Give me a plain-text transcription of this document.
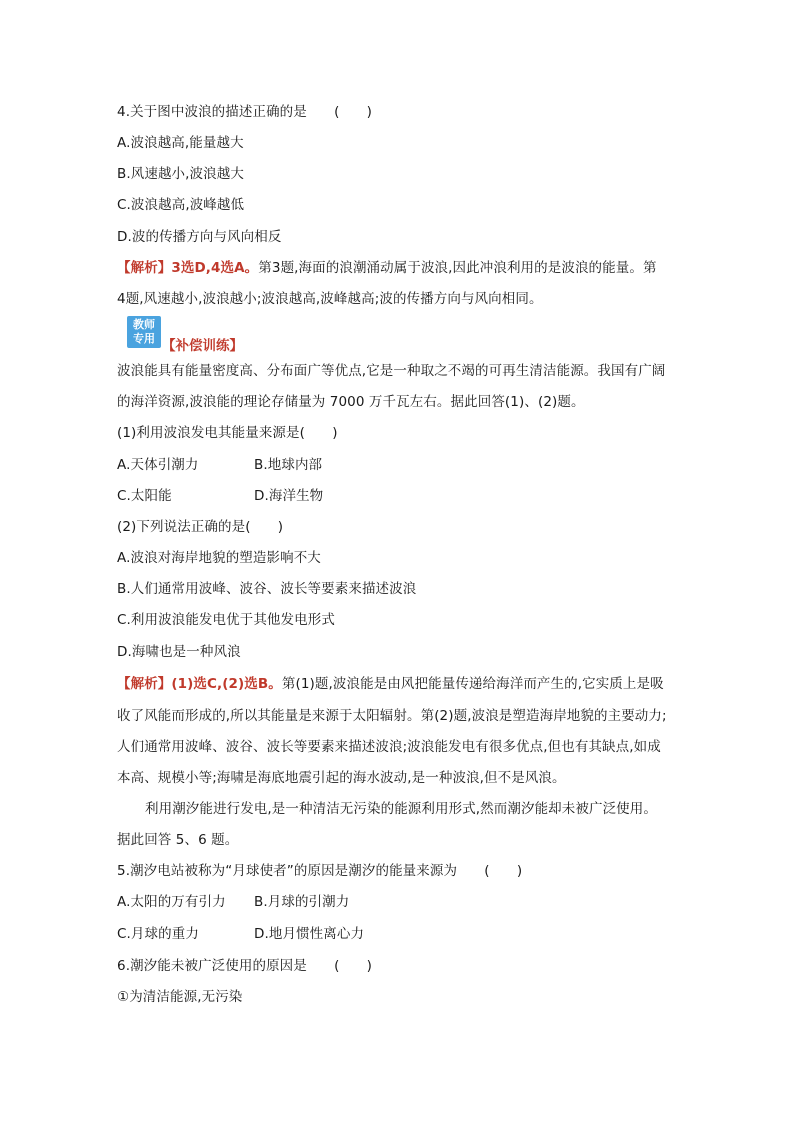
4.关于图中波浪的描述正确的是　　(　　)
A.波浪越高,能量越大
B.风速越小,波浪越大
C.波浪越高,波峰越低
D.波的传播方向与风向相反
【解析】3选D,4选A。第3题,海面的浪潮涌动属于波浪,因此冲浪利用的是波浪的能量。第
4题,风速越小,波浪越小;波浪越高,波峰越高;波的传播方向与风向相同。
教师
专用 【补偿训练】
波浪能具有能量密度高、分布面广等优点,它是一种取之不竭的可再生清洁能源。我国有广阔
的海洋资源,波浪能的理论存储量为 7000 万千瓦左右。据此回答(1)、(2)题。
(1)利用波浪发电其能量来源是(　　)
A.天体引潮力	B.地球内部
C.太阳能	D.海洋生物
(2)下列说法正确的是(　　)
A.波浪对海岸地貌的塑造影响不大
B.人们通常用波峰、波谷、波长等要素来描述波浪
C.利用波浪能发电优于其他发电形式
D.海啸也是一种风浪
【解析】(1)选C,(2)选B。第(1)题,波浪能是由风把能量传递给海洋而产生的,它实质上是吸
收了风能而形成的,所以其能量是来源于太阳辐射。第(2)题,波浪是塑造海岸地貌的主要动力;
人们通常用波峰、波谷、波长等要素来描述波浪;波浪能发电有很多优点,但也有其缺点,如成
本高、规模小等;海啸是海底地震引起的海水波动,是一种波浪,但不是风浪。
利用潮汐能进行发电,是一种清洁无污染的能源利用形式,然而潮汐能却未被广泛使用。
据此回答 5、6 题。
5.潮汐电站被称为“月球使者”的原因是潮汐的能量来源为　　(　　)
A.太阳的万有引力 B.月球的引潮力
C.月球的重力	D.地月惯性离心力
6.潮汐能未被广泛使用的原因是　　(　　)
①为清洁能源,无污染
